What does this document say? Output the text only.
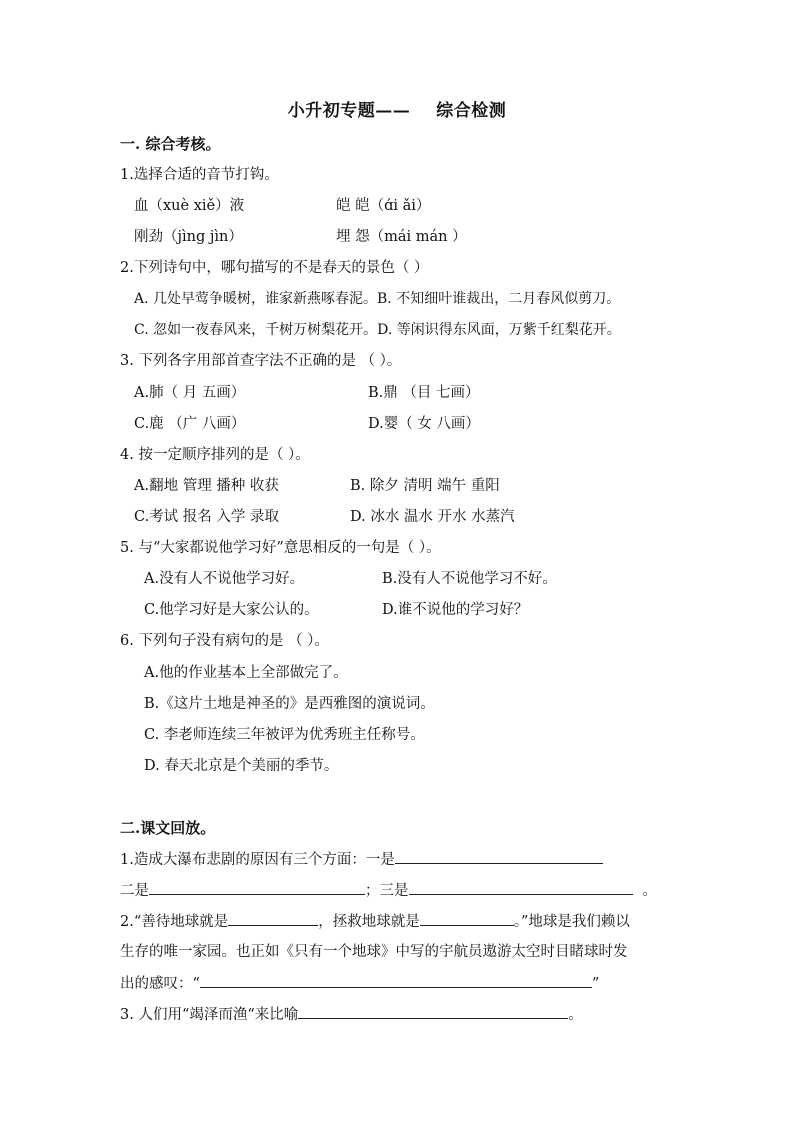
小升初专题—— 综合检测
一. 综合考核。
1.选择合适的音节打钩。
血（xuè xiě）液	皑 皑（ɑ́i ǎi）
刚劲（jìng jìn）	埋 怨（mái mán ）
2.下列诗句中，哪句描写的不是春天的景色（ ）
A. 几处早莺争暖树，谁家新燕啄春泥。B. 不知细叶谁裁出，二月春风似剪刀。
C. 忽如一夜春风来，千树万树梨花开。D. 等闲识得东风面，万紫千红梨花开。
3. 下列各字用部首查字法不正确的是 （ ）。
A.肺（ 月 五画）	B.鼎 （目 七画）
C.鹿 （广 八画）	D.婴（ 女 八画）
4. 按一定顺序排列的是（ ）。
A.翻地 管理 播种 收获	B. 除夕 清明 端午 重阳
C.考试 报名 入学 录取	D. 冰水 温水 开水 水蒸汽
5. 与“大家都说他学习好”意思相反的一句是（ ）。
A.没有人不说他学习好。	B.没有人不说他学习不好。
C.他学习好是大家公认的。	D.谁不说他的学习好？
6. 下列句子没有病句的是 （ ）。
A.他的作业基本上全部做完了。
B.《这片土地是神圣的》是西雅图的演说词。
C. 李老师连续三年被评为优秀班主任称号。
D. 春天北京是个美丽的季节。
二.课文回放。
1.造成大瀑布悲剧的原因有三个方面：一是
二是	；三是	。
2.“善待地球就是	，拯救地球就是	。”地球是我们赖以
生存的唯一家园。也正如《只有一个地球》中写的宇航员遨游太空时目睹球时发
出的感叹：“	”
3. 人们用“竭泽而渔“来比喻	。
